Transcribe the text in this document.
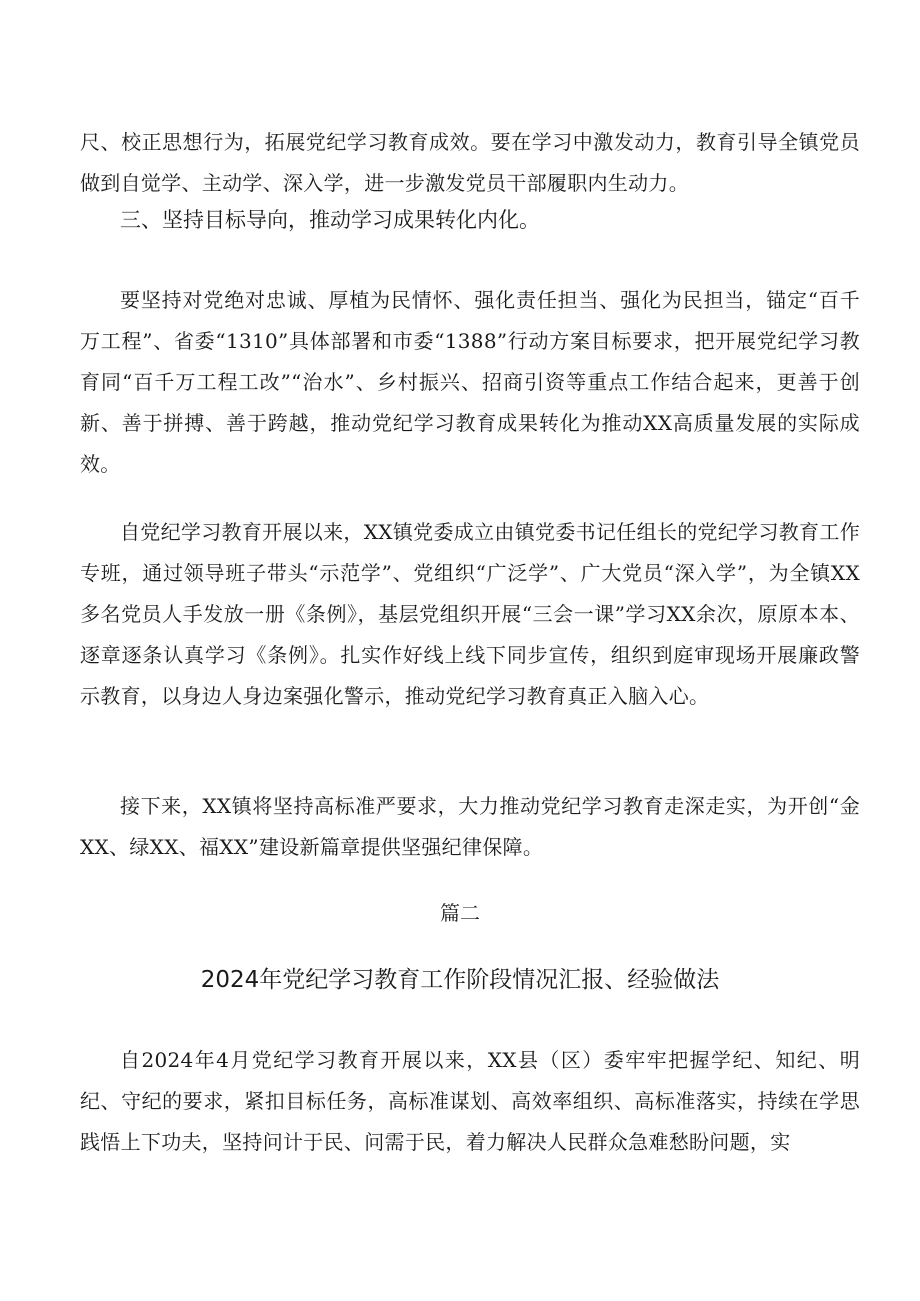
尺、校正思想行为，拓展党纪学习教育成效。要在学习中激发动力，教育引导全镇党员做到自觉学、主动学、深入学，进一步激发党员干部履职内生动力。

三、坚持目标导向，推动学习成果转化内化。

要坚持对党绝对忠诚、厚植为民情怀、强化责任担当、强化为民担当，锚定“百千万工程”、省委“1310”具体部署和市委“1388”行动方案目标要求，把开展党纪学习教育同“百千万工程工改”“治水”、乡村振兴、招商引资等重点工作结合起来，更善于创新、善于拼搏、善于跨越，推动党纪学习教育成果转化为推动XX高质量发展的实际成效。

自党纪学习教育开展以来，XX镇党委成立由镇党委书记任组长的党纪学习教育工作专班，通过领导班子带头“示范学”、党组织“广泛学”、广大党员“深入学”，为全镇XX多名党员人手发放一册《条例》，基层党组织开展“三会一课”学习XX余次，原原本本、逐章逐条认真学习《条例》。扎实作好线上线下同步宣传，组织到庭审现场开展廉政警示教育，以身边人身边案强化警示，推动党纪学习教育真正入脑入心。

接下来，XX镇将坚持高标准严要求，大力推动党纪学习教育走深走实，为开创“金XX、绿XX、福XX”建设新篇章提供坚强纪律保障。

篇二
2024年党纪学习教育工作阶段情况汇报、经验做法

自2024年4月党纪学习教育开展以来，XX县（区）委牢牢把握学纪、知纪、明纪、守纪的要求，紧扣目标任务，高标准谋划、高效率组织、高标准落实，持续在学思践悟上下功夫，坚持问计于民、问需于民，着力解决人民群众急难愁盼问题，实
